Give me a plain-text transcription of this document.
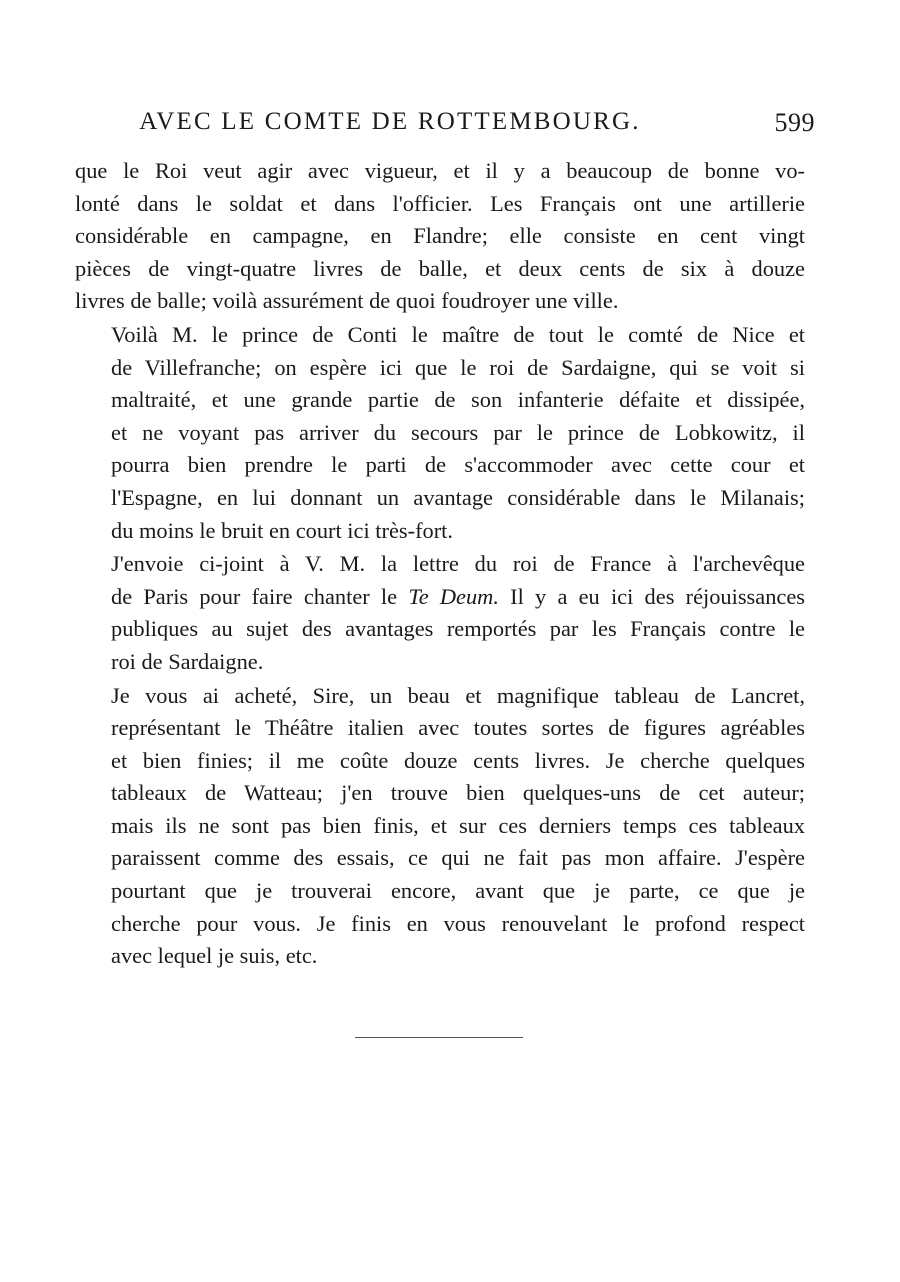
AVEC LE COMTE DE ROTTEMBOURG.	599

que le Roi veut agir avec vigueur, et il y a beaucoup de bonne vo-
lonté dans le soldat et dans l'officier. Les Français ont une artillerie
considérable en campagne, en Flandre; elle consiste en cent vingt
pièces de vingt-quatre livres de balle, et deux cents de six à douze
livres de balle; voilà assurément de quoi foudroyer une ville.

Voilà M. le prince de Conti le maître de tout le comté de Nice et
de Villefranche; on espère ici que le roi de Sardaigne, qui se voit si
maltraité, et une grande partie de son infanterie défaite et dissipée,
et ne voyant pas arriver du secours par le prince de Lobkowitz, il
pourra bien prendre le parti de s'accommoder avec cette cour et
l'Espagne, en lui donnant un avantage considérable dans le Milanais;
du moins le bruit en court ici très-fort.

J'envoie ci-joint à V. M. la lettre du roi de France à l'archevêque
de Paris pour faire chanter le Te Deum. Il y a eu ici des réjouissances
publiques au sujet des avantages remportés par les Français contre le
roi de Sardaigne.

Je vous ai acheté, Sire, un beau et magnifique tableau de Lancret,
représentant le Théâtre italien avec toutes sortes de figures agréables
et bien finies; il me coûte douze cents livres. Je cherche quelques
tableaux de Watteau; j'en trouve bien quelques-uns de cet auteur;
mais ils ne sont pas bien finis, et sur ces derniers temps ces tableaux
paraissent comme des essais, ce qui ne fait pas mon affaire. J'espère
pourtant que je trouverai encore, avant que je parte, ce que je
cherche pour vous. Je finis en vous renouvelant le profond respect
avec lequel je suis, etc.
